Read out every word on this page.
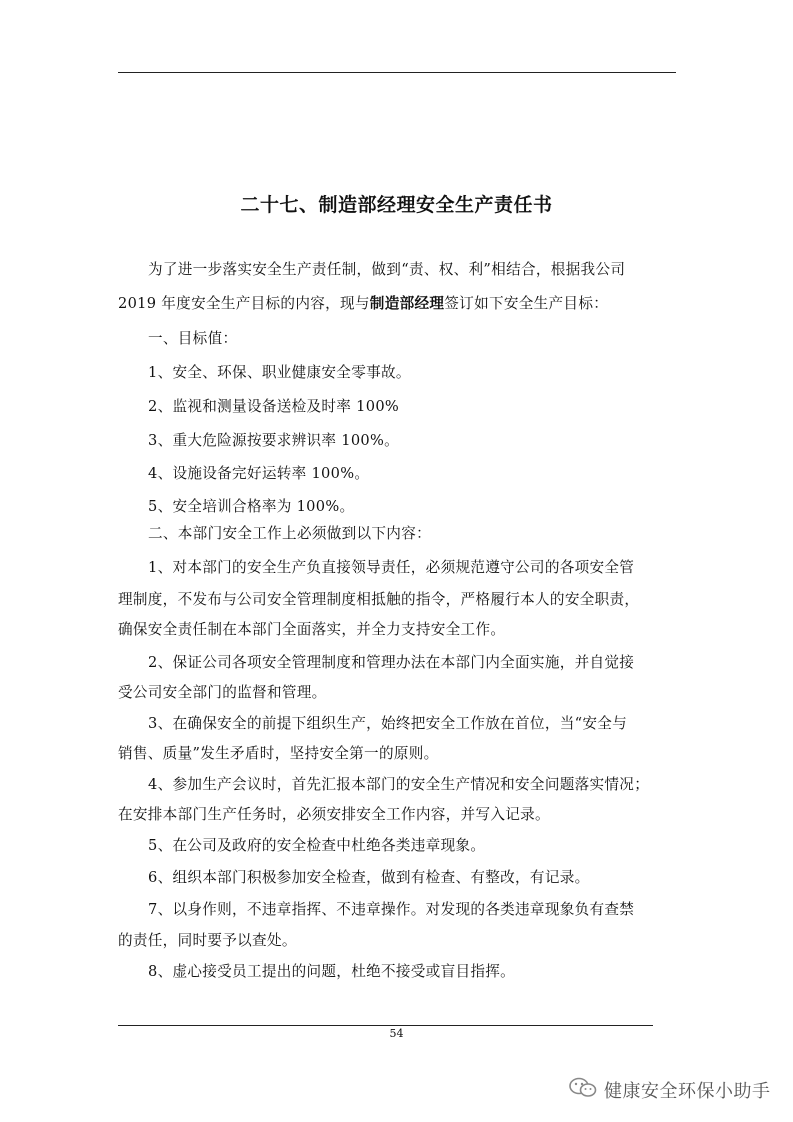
二十七、制造部经理安全生产责任书
为了进一步落实安全生产责任制，做到“责、权、利”相结合，根据我公司
2019 年度安全生产目标的内容，现与制造部经理签订如下安全生产目标：
一、目标值：
1、安全、环保、职业健康安全零事故。
2、监视和测量设备送检及时率 100%
3、重大危险源按要求辨识率 100%。
4、设施设备完好运转率 100%。
5、安全培训合格率为 100%。
二、本部门安全工作上必须做到以下内容：
1、对本部门的安全生产负直接领导责任，必须规范遵守公司的各项安全管
理制度，不发布与公司安全管理制度相抵触的指令，严格履行本人的安全职责，
确保安全责任制在本部门全面落实，并全力支持安全工作。
2、保证公司各项安全管理制度和管理办法在本部门内全面实施，并自觉接
受公司安全部门的监督和管理。
3、在确保安全的前提下组织生产，始终把安全工作放在首位，当“安全与
销售、质量”发生矛盾时，坚持安全第一的原则。
4、参加生产会议时，首先汇报本部门的安全生产情况和安全问题落实情况；
在安排本部门生产任务时，必须安排安全工作内容，并写入记录。
5、在公司及政府的安全检查中杜绝各类违章现象。
6、组织本部门积极参加安全检查，做到有检查、有整改，有记录。
7、以身作则，不违章指挥、不违章操作。对发现的各类违章现象负有查禁
的责任，同时要予以查处。
8、虚心接受员工提出的问题，杜绝不接受或盲目指挥。
54
健康安全环保小助手
